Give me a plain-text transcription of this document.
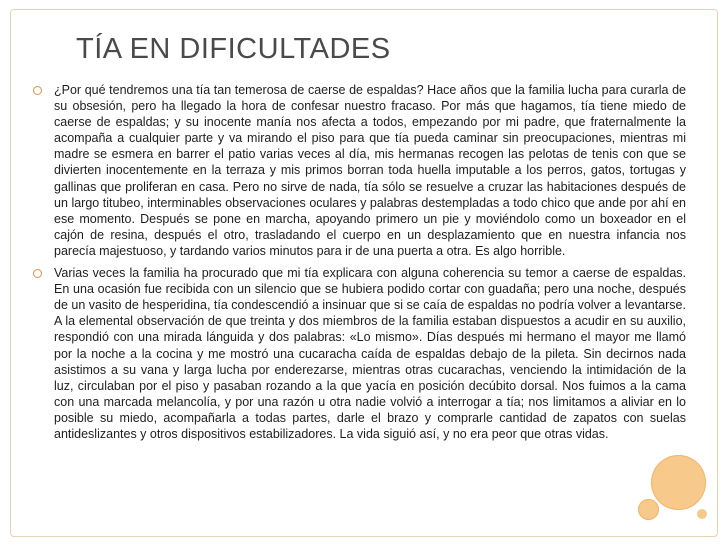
TÍA EN DIFICULTADES

¿Por qué tendremos una tía tan temerosa de caerse de espaldas? Hace años que la familia lucha para curarla de su obsesión, pero ha llegado la hora de confesar nuestro fracaso. Por más que hagamos, tía tiene miedo de caerse de espaldas; y su inocente manía nos afecta a todos, empezando por mi padre, que fraternalmente la acompaña a cualquier parte y va mirando el piso para que tía pueda caminar sin preocupaciones, mientras mi madre se esmera en barrer el patio varias veces al día, mis hermanas recogen las pelotas de tenis con que se divierten inocentemente en la terraza y mis primos borran toda huella imputable a los perros, gatos, tortugas y gallinas que proliferan en casa. Pero no sirve de nada, tía sólo se resuelve a cruzar las habitaciones después de un largo titubeo, interminables observaciones oculares y palabras destempladas a todo chico que ande por ahí en ese momento. Después se pone en marcha, apoyando primero un pie y moviéndolo como un boxeador en el cajón de resina, después el otro, trasladando el cuerpo en un desplazamiento que en nuestra infancia nos parecía majestuoso, y tardando varios minutos para ir de una puerta a otra. Es algo horrible.

Varias veces la familia ha procurado que mi tía explicara con alguna coherencia su temor a caerse de espaldas. En una ocasión fue recibida con un silencio que se hubiera podido cortar con guadaña; pero una noche, después de un vasito de hesperidina, tía condescendió a insinuar que si se caía de espaldas no podría volver a levantarse. A la elemental observación de que treinta y dos miembros de la familia estaban dispuestos a acudir en su auxilio, respondió con una mirada lánguida y dos palabras: «Lo mismo». Días después mi hermano el mayor me llamó por la noche a la cocina y me mostró una cucaracha caída de espaldas debajo de la pileta. Sin decirnos nada asistimos a su vana y larga lucha por enderezarse, mientras otras cucarachas, venciendo la intimidación de la luz, circulaban por el piso y pasaban rozando a la que yacía en posición decúbito dorsal. Nos fuimos a la cama con una marcada melancolía, y por una razón u otra nadie volvió a interrogar a tía; nos limitamos a aliviar en lo posible su miedo, acompañarla a todas partes, darle el brazo y comprarle cantidad de zapatos con suelas antideslizantes y otros dispositivos estabilizadores. La vida siguió así, y no era peor que otras vidas.
